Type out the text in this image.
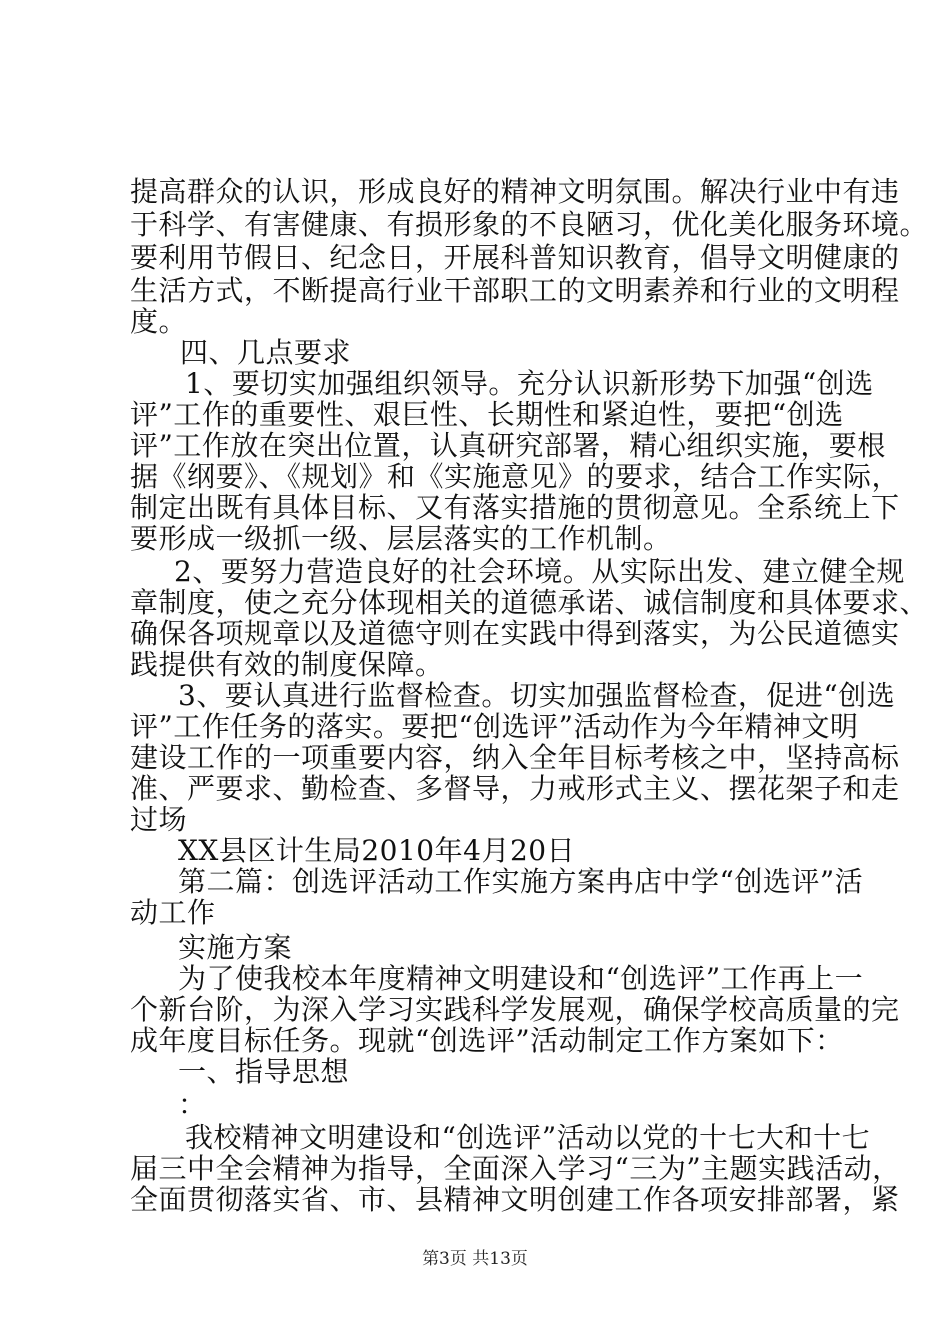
提高群众的认识，形成良好的精神文明氛围。解决行业中有违
于科学、有害健康、有损形象的不良陋习，优化美化服务环境。
要利用节假日、纪念日，开展科普知识教育，倡导文明健康的
生活方式，不断提高行业干部职工的文明素养和行业的文明程
度。
四、几点要求
1、要切实加强组织领导。充分认识新形势下加强“创选
评”工作的重要性、艰巨性、长期性和紧迫性，要把“创选
评”工作放在突出位置，认真研究部署，精心组织实施，要根
据《纲要》、《规划》和《实施意见》的要求，结合工作实际，
制定出既有具体目标、又有落实措施的贯彻意见。全系统上下
要形成一级抓一级、层层落实的工作机制。
2、要努力营造良好的社会环境。从实际出发、建立健全规
章制度，使之充分体现相关的道德承诺、诚信制度和具体要求、
确保各项规章以及道德守则在实践中得到落实，为公民道德实
践提供有效的制度保障。
3、要认真进行监督检查。切实加强监督检查，促进“创选
评”工作任务的落实。要把“创选评”活动作为今年精神文明
建设工作的一项重要内容，纳入全年目标考核之中，坚持高标
准、严要求、勤检查、多督导，力戒形式主义、摆花架子和走
过场
XX县区计生局2010年4月20日
第二篇：创选评活动工作实施方案冉店中学“创选评”活
动工作
实施方案
为了使我校本年度精神文明建设和“创选评”工作再上一
个新台阶，为深入学习实践科学发展观，确保学校高质量的完
成年度目标任务。现就“创选评”活动制定工作方案如下：
一、指导思想
：
我校精神文明建设和“创选评”活动以党的十七大和十七
届三中全会精神为指导，全面深入学习“三为”主题实践活动，
全面贯彻落实省、市、县精神文明创建工作各项安排部署，紧
第3页 共13页
